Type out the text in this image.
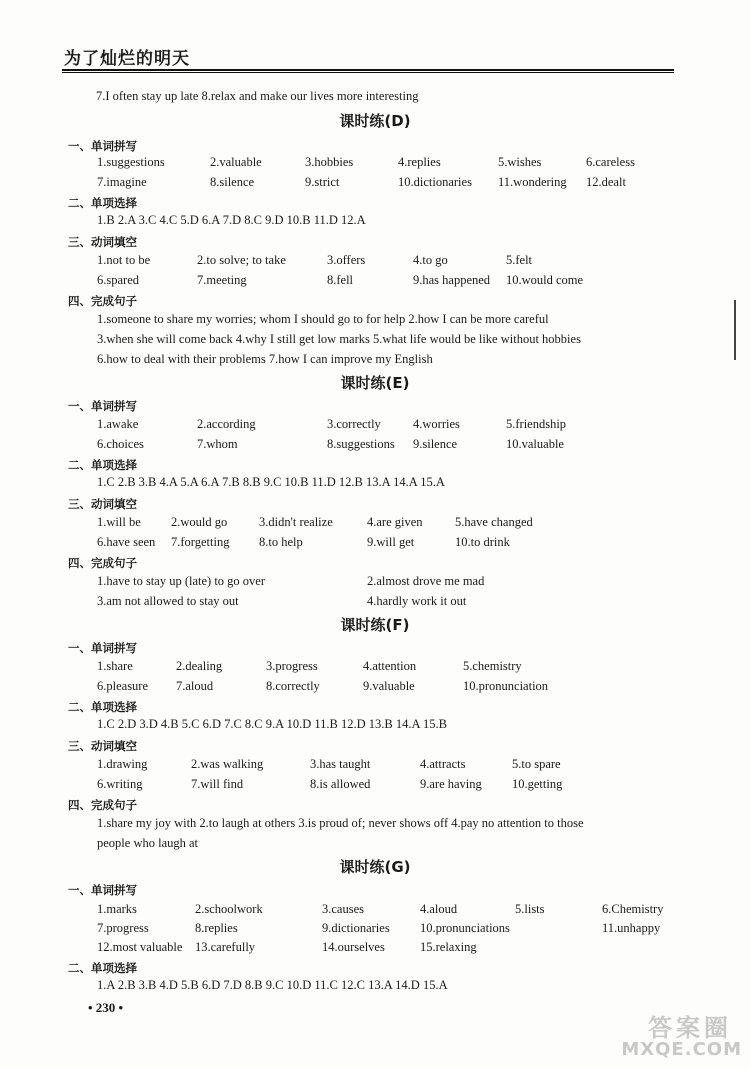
为了灿烂的明天
7.I often stay up late 8.relax and make our lives more interesting
课时练(D)
一、单词拼写
1.suggestions	2.valuable	3.hobbies	4.replies	5.wishes	6.careless
7.imagine	8.silence	9.strict	10.dictionaries 11.wondering 12.dealt
二、单项选择
1.B 2.A 3.C 4.C 5.D 6.A 7.D 8.C 9.D 10.B 11.D 12.A
三、动词填空
1.not to be	2.to solve; to take	3.offers	4.to go	5.felt
6.spared	7.meeting	8.fell	9.has happened 10.would come
四、完成句子
1.someone to share my worries; whom I should go to for help 2.how I can be more careful
3.when she will come back 4.why I still get low marks 5.what life would be like without hobbies
6.how to deal with their problems 7.how I can improve my English
课时练(E)
一、单词拼写
1.awake	2.according	3.correctly	4.worries	5.friendship
6.choices	7.whom	8.suggestions 9.silence	10.valuable
二、单项选择
1.C 2.B 3.B 4.A 5.A 6.A 7.B 8.B 9.C 10.B 11.D 12.B 13.A 14.A 15.A
三、动词填空
1.will be 2.would go	3.didn't realize	4.are given	5.have changed
6.have seen 7.forgetting 8.to help	9.will get	10.to drink
四、完成句子
1.have to stay up (late) to go over	2.almost drove me mad
3.am not allowed to stay out	4.hardly work it out
课时练(F)
一、单词拼写
1.share	2.dealing	3.progress	4.attention	5.chemistry
6.pleasure 7.aloud	8.correctly	9.valuable	10.pronunciation
二、单项选择
1.C 2.D 3.D 4.B 5.C 6.D 7.C 8.C 9.A 10.D 11.B 12.D 13.B 14.A 15.B
三、动词填空
1.drawing	2.was walking	3.has taught	4.attracts	5.to spare
6.writing	7.will find	8.is allowed	9.are having 10.getting
四、完成句子
1.share my joy with 2.to laugh at others 3.is proud of; never shows off 4.pay no attention to those
people who laugh at
课时练(G)
一、单词拼写
1.marks	2.schoolwork	3.causes	4.aloud	5.lists	6.Chemistry
7.progress	8.replies	9.dictionaries 10.pronunciations	11.unhappy
12.most valuable 13.carefully	14.ourselves	15.relaxing
二、单项选择
1.A 2.B 3.B 4.D 5.B 6.D 7.D 8.B 9.C 10.D 11.C 12.C 13.A 14.D 15.A
• 230 •
答案圈
MXQE.COM
